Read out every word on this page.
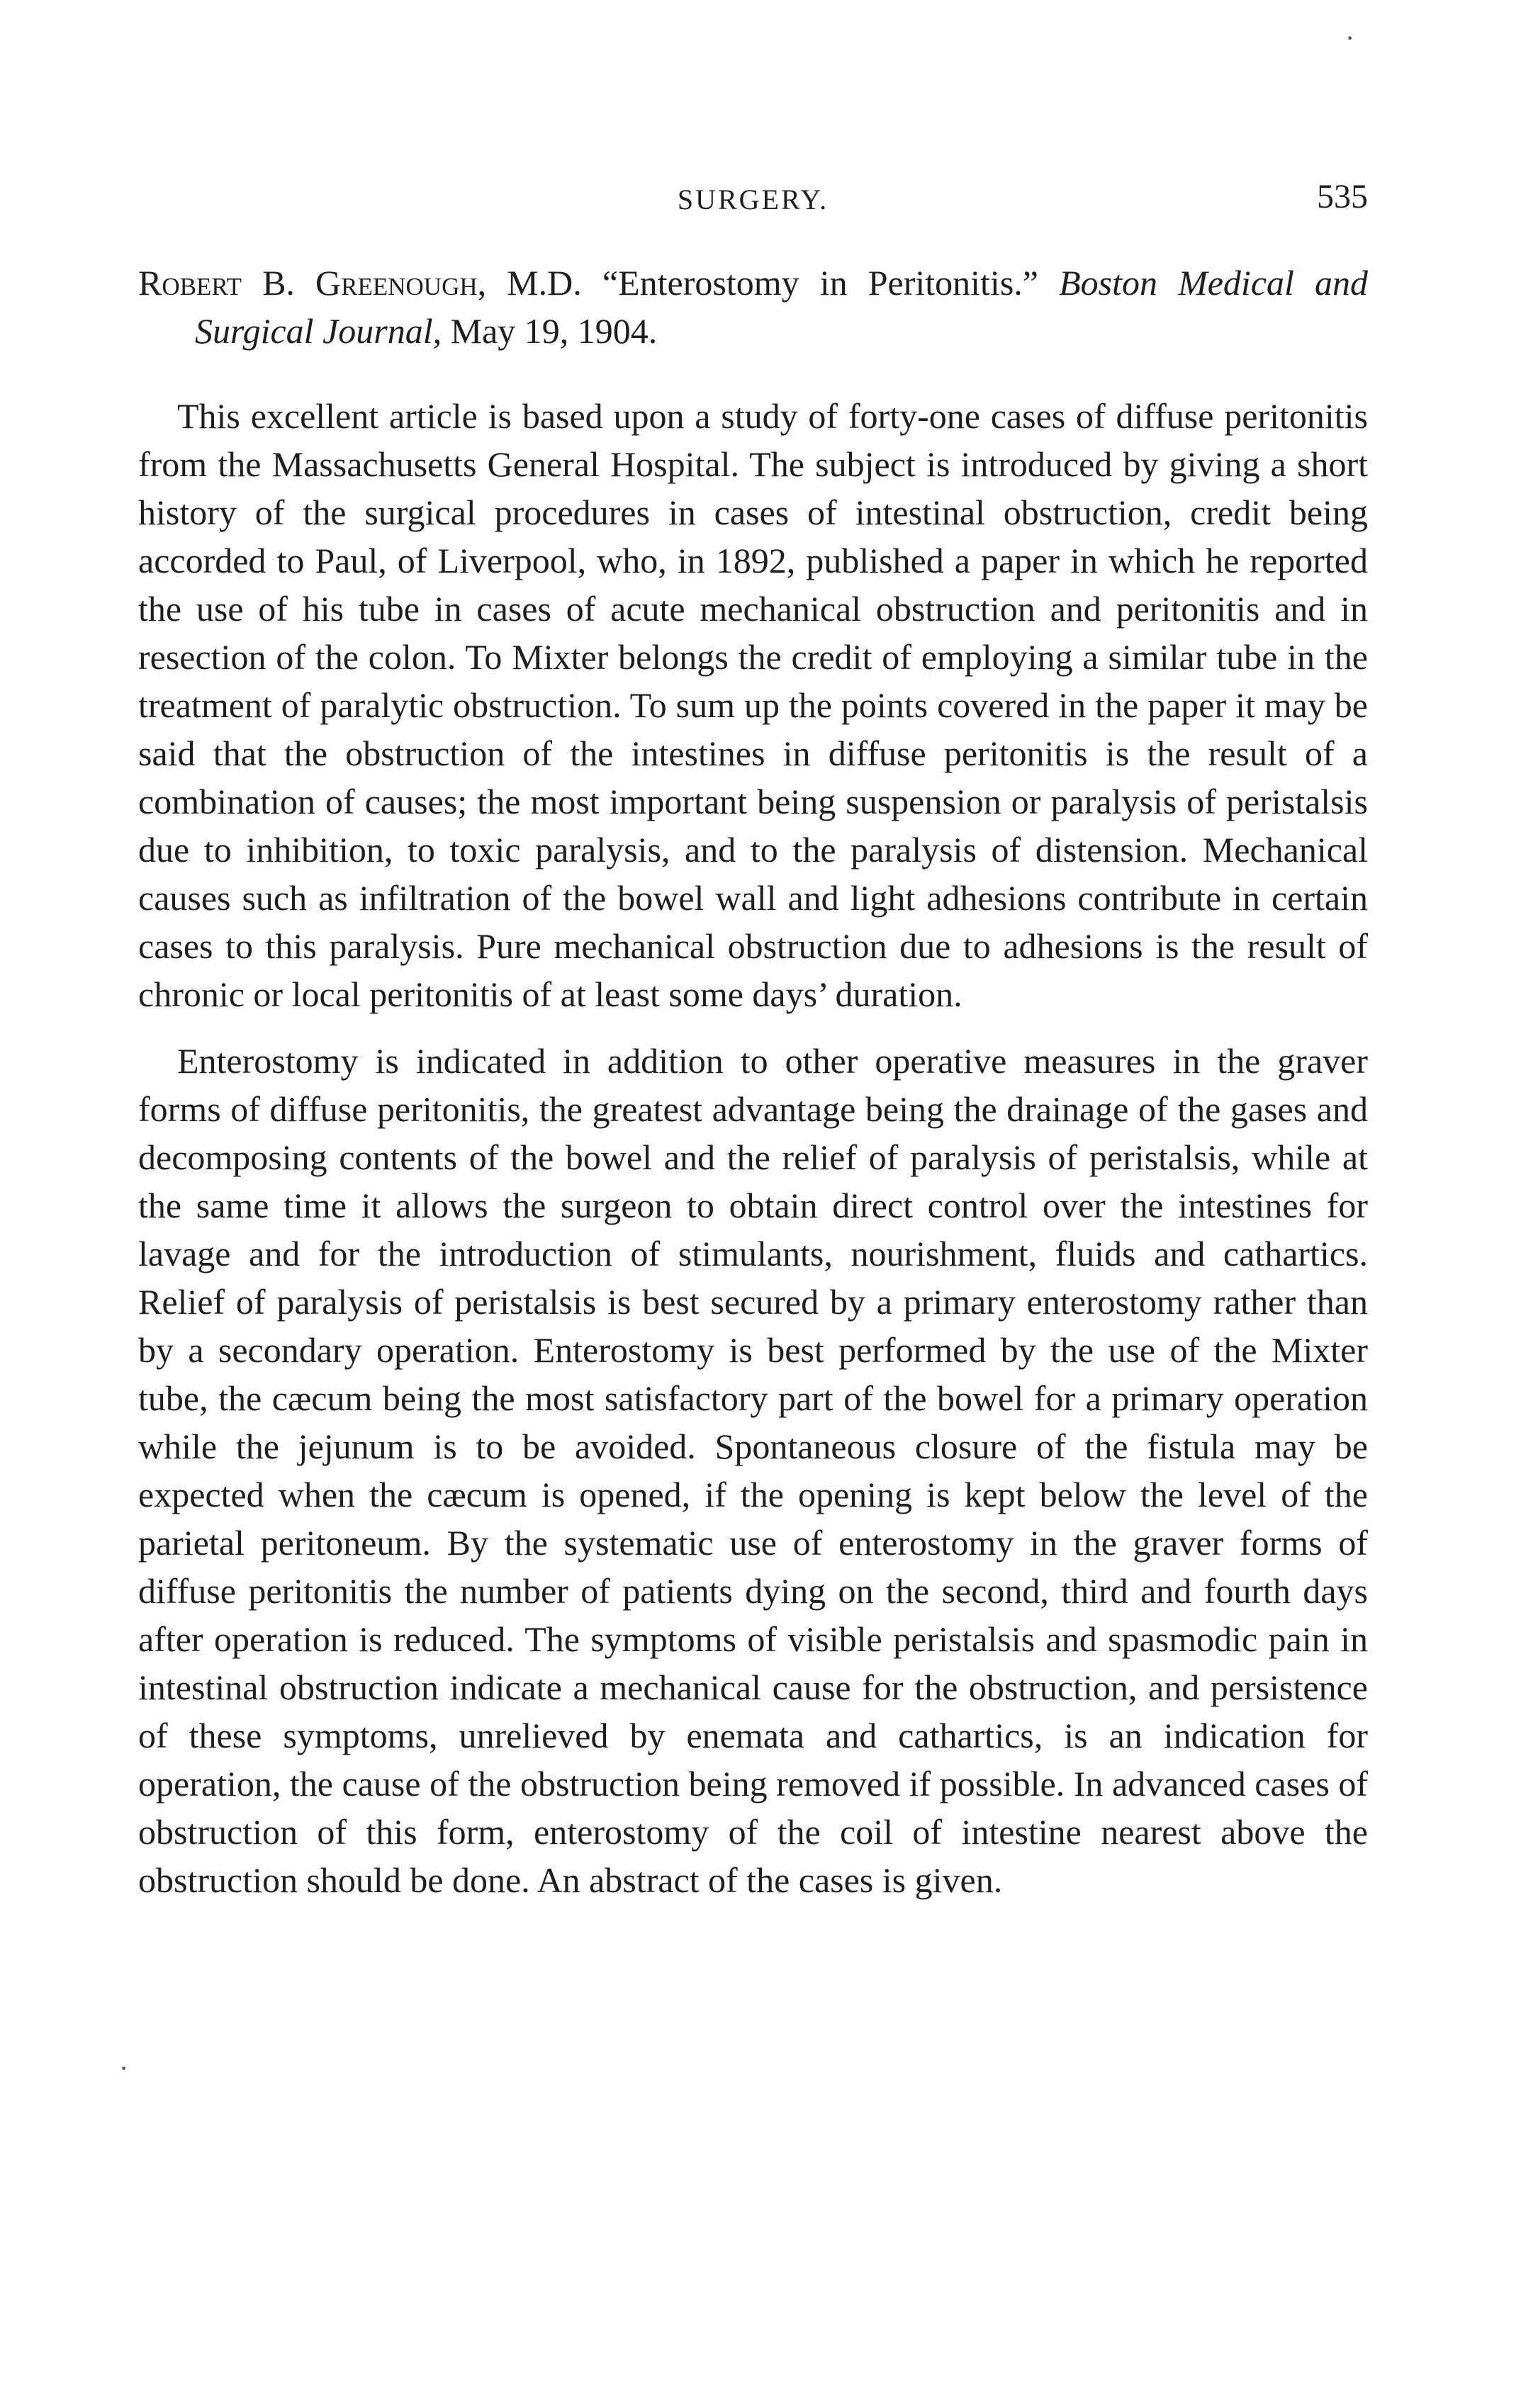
SURGERY.	535

Robert B. Greenough, M.D. “Enterostomy in Peritonitis.” Boston Medical and Surgical Journal, May 19, 1904.

This excellent article is based upon a study of forty-one cases of diffuse peritonitis from the Massachusetts General Hospital. The subject is introduced by giving a short history of the surgical procedures in cases of intestinal obstruction, credit being accorded to Paul, of Liverpool, who, in 1892, published a paper in which he reported the use of his tube in cases of acute mechanical obstruction and peritonitis and in resection of the colon. To Mixter belongs the credit of employing a similar tube in the treatment of paralytic obstruction. To sum up the points covered in the paper it may be said that the obstruction of the intestines in diffuse peritonitis is the result of a combination of causes; the most important being suspension or paralysis of peristalsis due to inhibition, to toxic paralysis, and to the paralysis of distension. Mechanical causes such as infiltration of the bowel wall and light adhesions contribute in certain cases to this paralysis. Pure mechanical obstruction due to adhesions is the result of chronic or local peritonitis of at least some days’ duration.

Enterostomy is indicated in addition to other operative measures in the graver forms of diffuse peritonitis, the greatest advantage being the drainage of the gases and decomposing contents of the bowel and the relief of paralysis of peristalsis, while at the same time it allows the surgeon to obtain direct control over the intestines for lavage and for the introduction of stimulants, nourishment, fluids and cathartics. Relief of paralysis of peristalsis is best secured by a primary enterostomy rather than by a secondary operation. Enterostomy is best performed by the use of the Mixter tube, the cæcum being the most satisfactory part of the bowel for a primary operation while the jejunum is to be avoided. Spontaneous closure of the fistula may be expected when the cæcum is opened, if the opening is kept below the level of the parietal peritoneum. By the systematic use of enterostomy in the graver forms of diffuse peritonitis the number of patients dying on the second, third and fourth days after operation is reduced. The symptoms of visible peristalsis and spasmodic pain in intestinal obstruction indicate a mechanical cause for the obstruction, and persistence of these symptoms, unrelieved by enemata and cathartics, is an indication for operation, the cause of the obstruction being removed if possible. In advanced cases of obstruction of this form, enterostomy of the coil of intestine nearest above the obstruction should be done. An abstract of the cases is given.

·
·
